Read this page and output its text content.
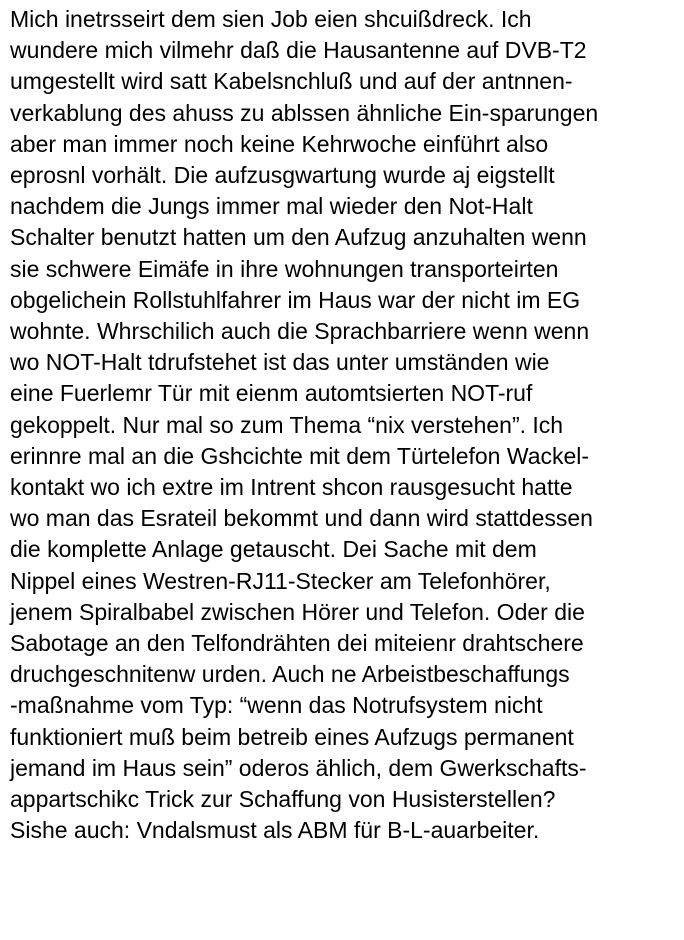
Mich inetrsseirt dem sien Job eien shcuißdreck. Ich
wundere mich vilmehr daß die Hausantenne auf DVB-T2
umgestellt wird satt Kabelsnchluß und auf der antnnen-
verkablung des ahuss zu ablssen ähnliche Ein-sparungen
aber man immer noch keine Kehrwoche einführt also
eprosnl vorhält. Die aufzusgwartung wurde aj eigstellt
nachdem die Jungs immer mal wieder den Not-Halt
Schalter benutzt hatten um den Aufzug anzuhalten wenn
sie schwere Eimäfe in ihre wohnungen transporteirten
obgelichein Rollstuhlfahrer im Haus war der nicht im EG
wohnte. Whrschilich auch die Sprachbarriere wenn wenn
wo NOT-Halt tdrufstehet ist das unter umständen wie
eine Fuerlemr Tür mit eienm automtsierten NOT-ruf
gekoppelt. Nur mal so zum Thema “nix verstehen”. Ich
erinnre mal an die Gshcichte mit dem Türtelefon Wackel-
kontakt wo ich extre im Intrent shcon rausgesucht hatte
wo man das Esrateil bekommt und dann wird stattdessen
die komplette Anlage getauscht. Dei Sache mit dem
Nippel eines Westren-RJ11-Stecker am Telefonhörer,
jenem Spiralbabel zwischen Hörer und Telefon. Oder die
Sabotage an den Telfondrähten dei miteienr drahtschere
druchgeschnitenw urden. Auch ne Arbeistbeschaffungs
-maßnahme vom Typ: “wenn das Notrufsystem nicht
funktioniert muß beim betreib eines Aufzugs permanent
jemand im Haus sein” oderos ählich, dem Gwerkschafts-
appartschikc Trick zur Schaffung von Husisterstellen?
Sishe auch: Vndalsmust als ABM für B-L-auarbeiter.
